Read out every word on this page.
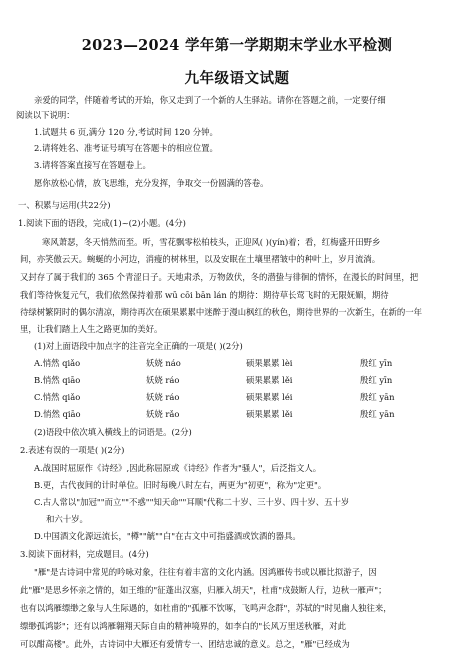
2023—2024 学年第一学期期末学业水平检测
九年级语文试题
亲爱的同学，伴随着考试的开始，你又走到了一个新的人生驿站。请你在答题之前，一定要仔细
阅读以下说明：
1.试题共 6 页,满分 120 分,考试时间 120 分钟。
2.请将姓名、准考证号填写在答题卡的相应位置。
3.请将答案直接写在答题卷上。
愿你放松心情，放飞思维，充分发挥，争取交一份圆满的答卷。
一、积累与运用(共22分)
1.阅读下面的语段，完成(1)~(2)小题。(4分)
寒风萧瑟，冬天悄然而至。听，雪花飘零松柏枝头，正迎风( )(yín)着；看，红梅盛开田野乡
间，亦笑傲云天。蜿蜒的小河边，消瘦的树林里，以及安眠在土壤里褶皱中的种叶上，岁月流淌。
又封存了属于我们的 365 个青涩日子。天地肃杀，万物敛伏，冬的潜蛰与徘徊的情怀，在漫长的时间里，把
我们等待恢复元气，我们依然保持着那 wū cōi bān lán 的期待：期待草长莺飞时的无限妩媚，期待
待绿树繁阴时的偶尔清凉，期待再次在硕果累累中迷醉于漫山枫红的秋色，期待世界的一次新生，在新的一年
里，让我们踏上人生之路更加的美好。
(1)对上面语段中加点字的注音完全正确的一项是( )(2分)
A.悄然 qiǎo	妖娆 náo	硕果累累 lèi	殷红 yīn
B.悄然 qiāo	妖娆 ráo	硕果累累 lěi	殷红 yīn
C.悄然 qiǎo	妖娆 ráo	硕果累累 léi	殷红 yān
D.悄然 qiāo	妖娆 rǎo	硕果累累 lěi	殷红 yān
(2)语段中依次填入横线上的词语是。(2分)
2.表述有误的一项是( )(2分)
A.战国时屈原作《诗经》,因此称屈原或《诗经》作者为"骚人"，后泛指文人。
B.更，古代夜间的计时单位。旧时每晚八时左右，两更为"初更"，称为"定更"。
C.古人常以"加冠""而立""不惑""知天命""耳顺"代称二十岁、三十岁、四十岁、五十岁
和六十岁。
D.中国酒文化源远流长，"樽""觥""白"在古文中可指盛酒或饮酒的器具。
3.阅读下面材料，完成题目。(4分)
"雁"是古诗词中常见的吟咏对象，往往有着丰富的文化内涵。因鸿雁传书或以雁比拟游子，因
此"雁"是思乡怀亲之情的，如王维的"征蓬出汉塞，归雁入胡天"，杜甫"戍鼓断人行，边秋一雁声"；
也有以鸿雁缥缈之象与人生际遇的，如杜甫的"孤雁不饮啄，飞鸣声念群"，苏轼的"时见幽人独往来，
缥缈孤鸿影"；还有以鸿雁翱翔天际自由的精神境界的，如李白的"长风万里送秋雁，对此
可以酣高楼"。此外，古诗词中大雁还有爱情专一、团结忠诚的意义。总之，"雁"已经成为
